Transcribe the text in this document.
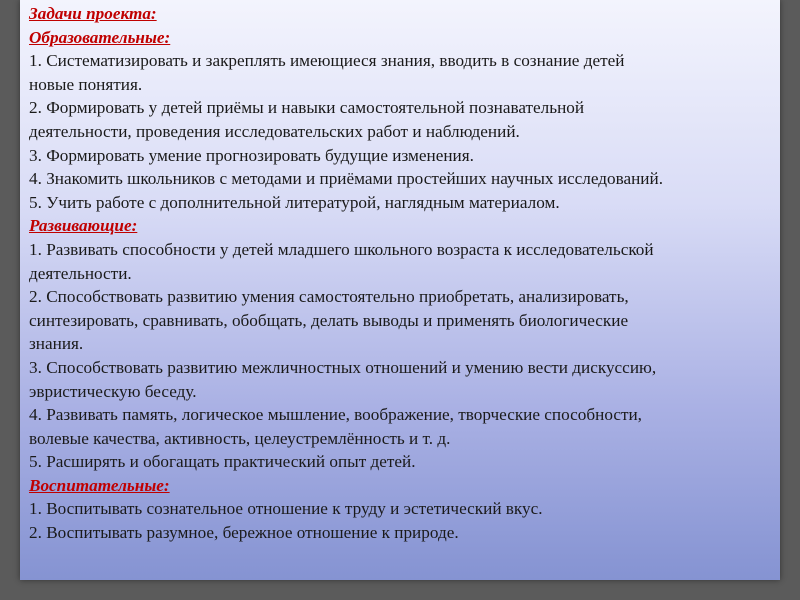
Задачи проекта:
Образовательные:
1. Систематизировать и закреплять имеющиеся знания, вводить в сознание детей
новые понятия.
2. Формировать у детей приёмы и навыки самостоятельной познавательной
деятельности, проведения исследовательских работ и наблюдений.
3. Формировать умение прогнозировать будущие изменения.
4. Знакомить школьников с методами и приёмами простейших научных исследований.
5. Учить работе с дополнительной литературой, наглядным материалом.
Развивающие:
1. Развивать способности у детей младшего школьного возраста к исследовательской
деятельности.
2. Способствовать развитию умения самостоятельно приобретать, анализировать,
синтезировать, сравнивать, обобщать, делать выводы и применять биологические
знания.
3. Способствовать развитию межличностных отношений и умению вести дискуссию,
эвристическую беседу.
4. Развивать память, логическое мышление, воображение, творческие способности,
волевые качества, активность, целеустремлённость и т. д.
5. Расширять и обогащать практический опыт детей.
Воспитательные:
1. Воспитывать сознательное отношение к труду и эстетический вкус.
2. Воспитывать разумное, бережное отношение к природе.
